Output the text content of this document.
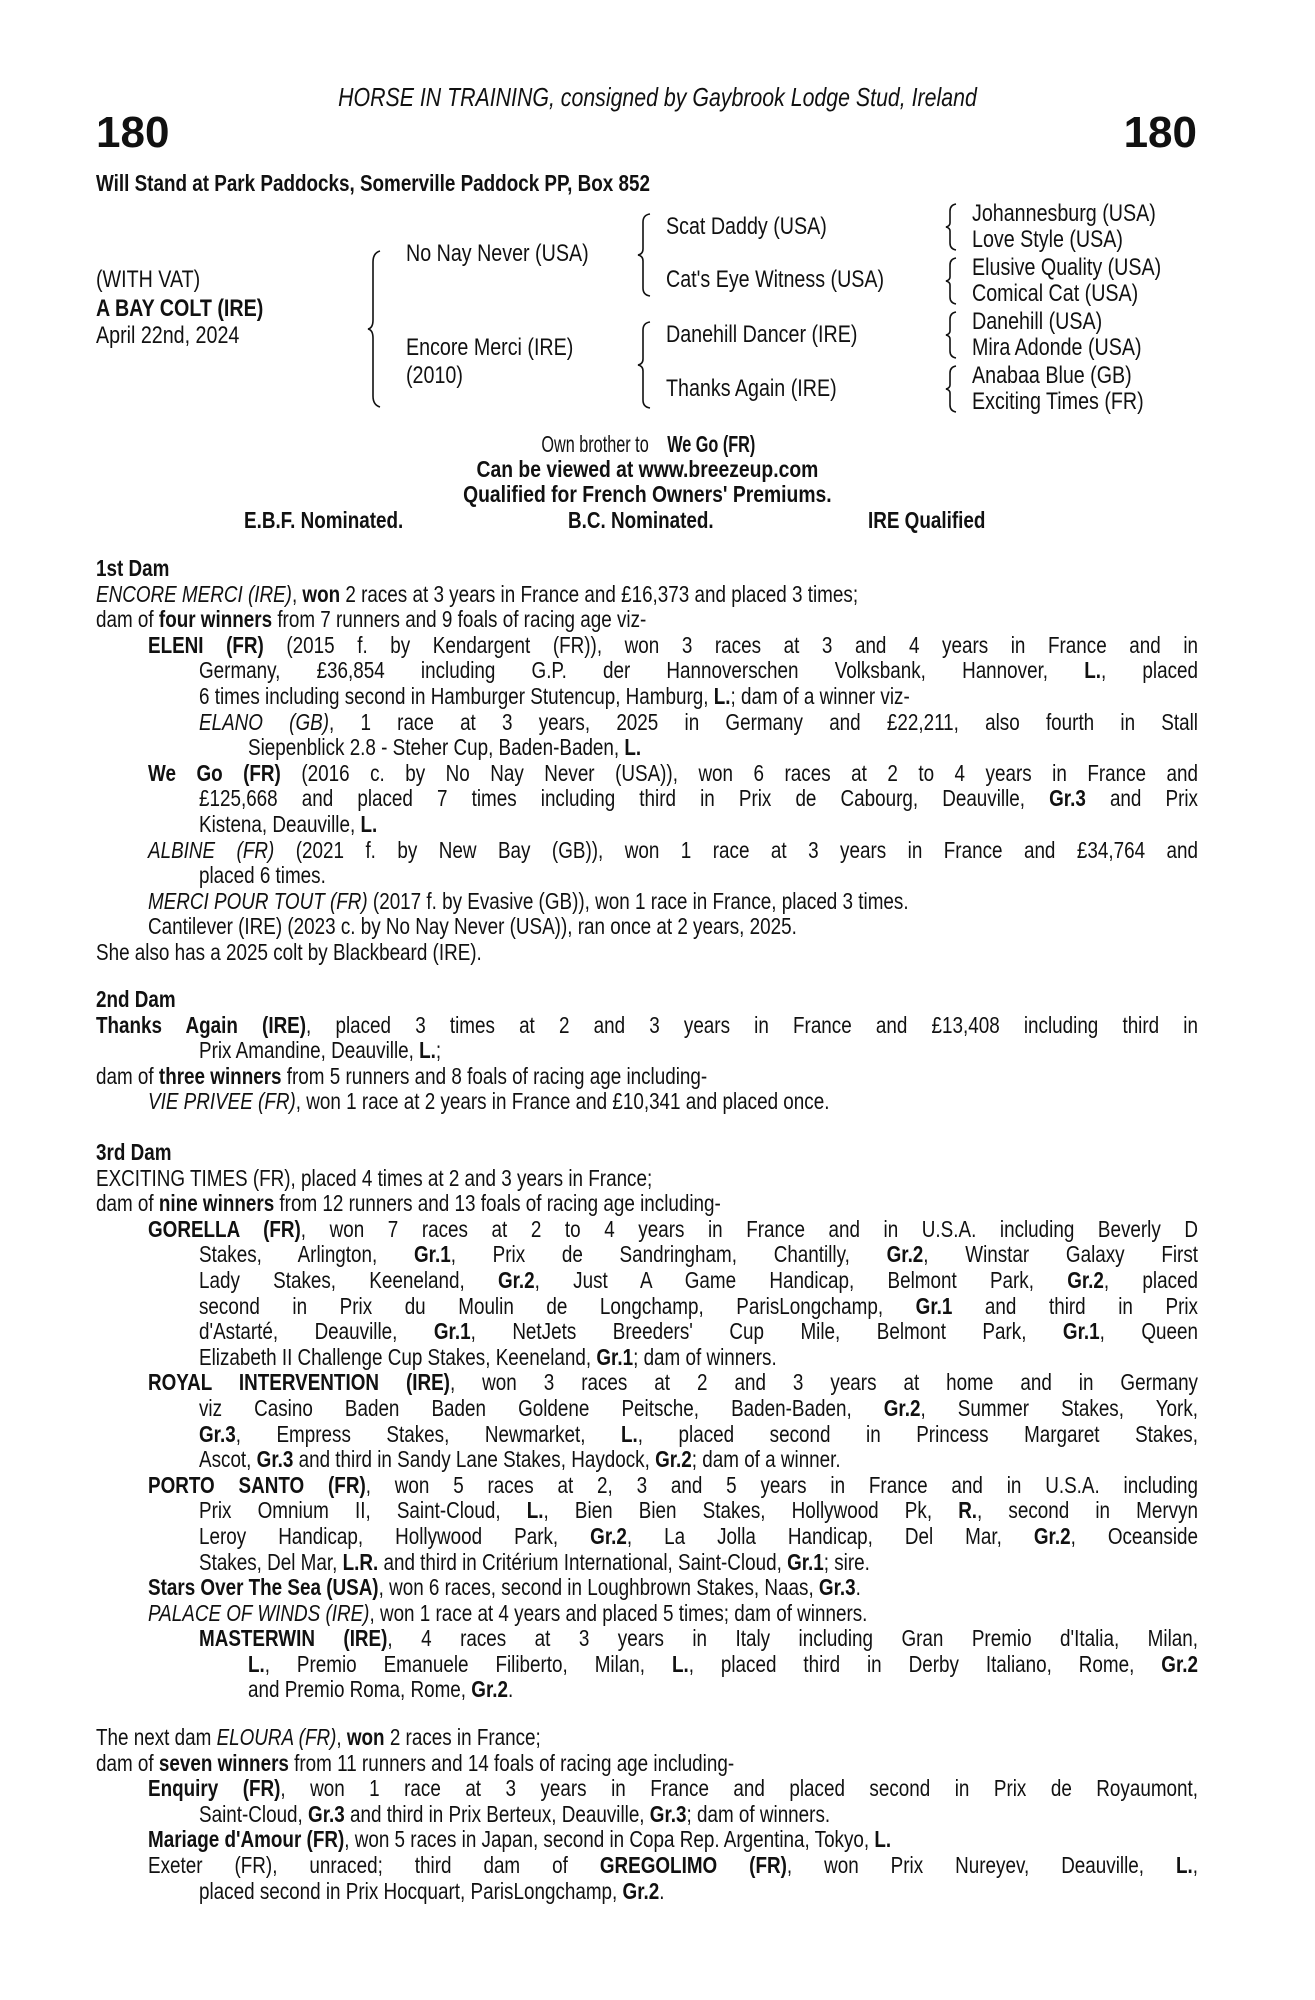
HORSE IN TRAINING, consigned by Gaybrook Lodge Stud, Ireland
180	180
Will Stand at Park Paddocks, Somerville Paddock PP, Box 852
(WITH VAT)
A BAY COLT (IRE)
April 22nd, 2024
No Nay Never (USA)
Encore Merci (IRE)
(2010)
Scat Daddy (USA)
Cat's Eye Witness (USA)
Danehill Dancer (IRE)
Thanks Again (IRE)
Johannesburg (USA)
Love Style (USA)
Elusive Quality (USA)
Comical Cat (USA)
Danehill (USA)
Mira Adonde (USA)
Anabaa Blue (GB)
Exciting Times (FR)
Own brother toWe Go (FR)
Can be viewed at www.breezeup.com
Qualified for French Owners' Premiums.
E.B.F. Nominated.	B.C. Nominated.	IRE Qualified
1st Dam
ENCORE MERCI (IRE), won 2 races at 3 years in France and £16,373 and placed 3 times;
dam of four winners from 7 runners and 9 foals of racing age viz-
ELENI (FR) (2015 f. by Kendargent (FR)), won 3 races at 3 and 4 years in France and in
Germany, £36,854 including G.P. der Hannoverschen Volksbank, Hannover, L., placed
6 times including second in Hamburger Stutencup, Hamburg, L.; dam of a winner viz-
ELANO (GB), 1 race at 3 years, 2025 in Germany and £22,211, also fourth in Stall
Siepenblick 2.8 - Steher Cup, Baden-Baden, L.
We Go (FR) (2016 c. by No Nay Never (USA)), won 6 races at 2 to 4 years in France and
£125,668 and placed 7 times including third in Prix de Cabourg, Deauville, Gr.3 and Prix
Kistena, Deauville, L.
ALBINE (FR) (2021 f. by New Bay (GB)), won 1 race at 3 years in France and £34,764 and
placed 6 times.
MERCI POUR TOUT (FR) (2017 f. by Evasive (GB)), won 1 race in France, placed 3 times.
Cantilever (IRE) (2023 c. by No Nay Never (USA)), ran once at 2 years, 2025.
She also has a 2025 colt by Blackbeard (IRE).
2nd Dam
Thanks Again (IRE), placed 3 times at 2 and 3 years in France and £13,408 including third in
Prix Amandine, Deauville, L.;
dam of three winners from 5 runners and 8 foals of racing age including-
VIE PRIVEE (FR), won 1 race at 2 years in France and £10,341 and placed once.
3rd Dam
EXCITING TIMES (FR), placed 4 times at 2 and 3 years in France;
dam of nine winners from 12 runners and 13 foals of racing age including-
GORELLA (FR), won 7 races at 2 to 4 years in France and in U.S.A. including Beverly D
Stakes, Arlington, Gr.1, Prix de Sandringham, Chantilly, Gr.2, Winstar Galaxy First
Lady Stakes, Keeneland, Gr.2, Just A Game Handicap, Belmont Park, Gr.2, placed
second in Prix du Moulin de Longchamp, ParisLongchamp, Gr.1 and third in Prix
d'Astarté, Deauville, Gr.1, NetJets Breeders' Cup Mile, Belmont Park, Gr.1, Queen
Elizabeth II Challenge Cup Stakes, Keeneland, Gr.1; dam of winners.
ROYAL INTERVENTION (IRE), won 3 races at 2 and 3 years at home and in Germany
viz Casino Baden Baden Goldene Peitsche, Baden-Baden, Gr.2, Summer Stakes, York,
Gr.3, Empress Stakes, Newmarket, L., placed second in Princess Margaret Stakes,
Ascot, Gr.3 and third in Sandy Lane Stakes, Haydock, Gr.2; dam of a winner.
PORTO SANTO (FR), won 5 races at 2, 3 and 5 years in France and in U.S.A. including
Prix Omnium II, Saint-Cloud, L., Bien Bien Stakes, Hollywood Pk, R., second in Mervyn
Leroy Handicap, Hollywood Park, Gr.2, La Jolla Handicap, Del Mar, Gr.2, Oceanside
Stakes, Del Mar, L.R. and third in Critérium International, Saint-Cloud, Gr.1; sire.
Stars Over The Sea (USA), won 6 races, second in Loughbrown Stakes, Naas, Gr.3.
PALACE OF WINDS (IRE), won 1 race at 4 years and placed 5 times; dam of winners.
MASTERWIN (IRE), 4 races at 3 years in Italy including Gran Premio d'Italia, Milan,
L., Premio Emanuele Filiberto, Milan, L., placed third in Derby Italiano, Rome, Gr.2
and Premio Roma, Rome, Gr.2.
The next dam ELOURA (FR), won 2 races in France;
dam of seven winners from 11 runners and 14 foals of racing age including-
Enquiry (FR), won 1 race at 3 years in France and placed second in Prix de Royaumont,
Saint-Cloud, Gr.3 and third in Prix Berteux, Deauville, Gr.3; dam of winners.
Mariage d'Amour (FR), won 5 races in Japan, second in Copa Rep. Argentina, Tokyo, L.
Exeter (FR), unraced; third dam of GREGOLIMO (FR), won Prix Nureyev, Deauville, L.,
placed second in Prix Hocquart, ParisLongchamp, Gr.2.
